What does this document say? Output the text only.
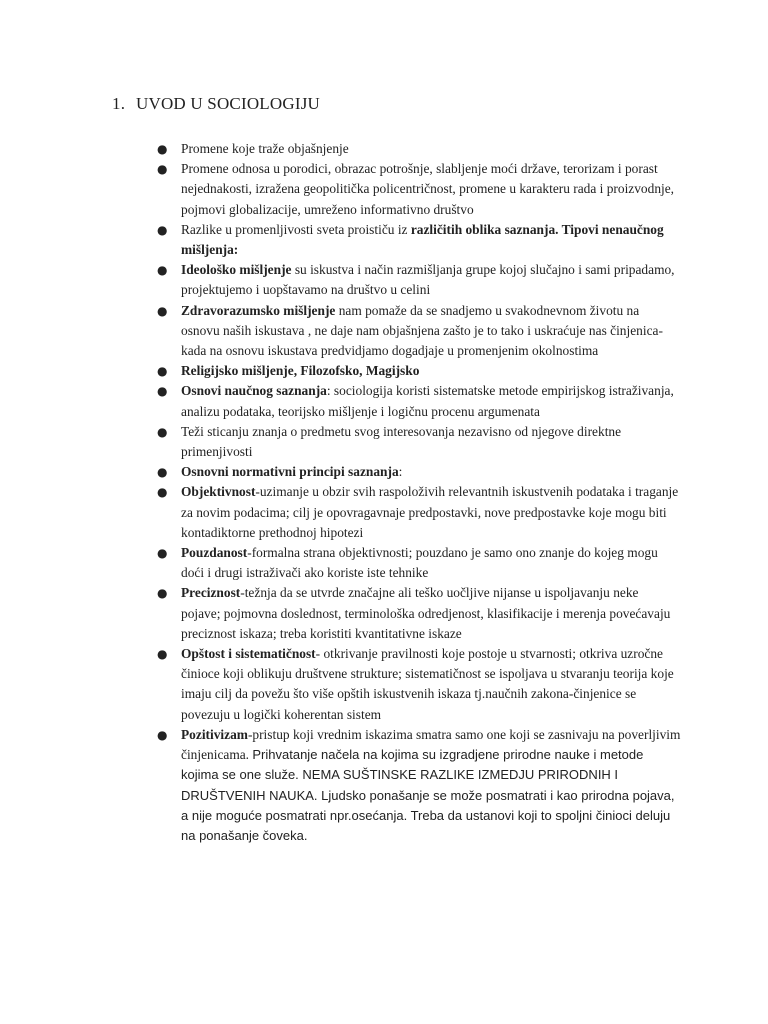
1. UVOD U SOCIOLOGIJU
● Promene koje traže objašnjenje
● Promene odnosa u porodici, obrazac potrošnje, slabljenje moći države, terorizam i porast nejednakosti, izražena geopolitička policentričnost, promene u karakteru rada i proizvodnje, pojmovi globalizacije, umreženo informativno društvo
● Razlike u promenljivosti sveta proističu iz različitih oblika saznanja. Tipovi nenaučnog mišljenja:
● Ideološko mišljenje su iskustva i način razmišljanja grupe kojoj slučajno i sami pripadamo, projektujemo i uopštavamo na društvo u celini
● Zdravorazumsko mišljenje nam pomaže da se snadjemo u svakodnevnom životu na osnovu naših iskustava , ne daje nam objašnjena zašto je to tako i uskraćuje nas činjenica-kada na osnovu iskustava predvidjamo dogadjaje u promenjenim okolnostima
● Religijsko mišljenje, Filozofsko, Magijsko
● Osnovi naučnog saznanja: sociologija koristi sistematske metode empirijskog istraživanja, analizu podataka, teorijsko mišljenje i logičnu procenu argumenata
● Teži sticanju znanja o predmetu svog interesovanja nezavisno od njegove direktne primenjivosti
● Osnovni normativni principi saznanja:
● Objektivnost-uzimanje u obzir svih raspoloživih relevantnih iskustvenih podataka i traganje za novim podacima; cilj je opovragavnaje predpostavki, nove predpostavke koje mogu biti kontadiktorne prethodnoj hipotezi
● Pouzdanost-formalna strana objektivnosti; pouzdano je samo ono znanje do kojeg mogu doći i drugi istraživači ako koriste iste tehnike
● Preciznost-težnja da se utvrde značajne ali teško uočljive nijanse u ispoljavanju neke pojave; pojmovna doslednost, terminološka odredjenost, klasifikacije i merenja povećavaju preciznost iskaza; treba koristiti kvantitativne iskaze
● Opštost i sistematičnost- otkrivanje pravilnosti koje postoje u stvarnosti; otkriva uzročne činioce koji oblikuju društvene strukture; sistematičnost se ispoljava u stvaranju teorija koje imaju cilj da povežu što više opštih iskustvenih iskaza tj.naučnih zakona-činjenice se povezuju u logički koherentan sistem
● Pozitivizam-pristup koji vrednim iskazima smatra samo one koji se zasnivaju na poverljivim činjenicama. Prihvatanje načela na kojima su izgradjene prirodne nauke i metode kojima se one služe. NEMA SUŠTINSKE RAZLIKE IZMEDJU PRIRODNIH I DRUŠTVENIH NAUKA. Ljudsko ponašanje se može posmatrati i kao prirodna pojava, a nije moguće posmatrati npr.osećanja. Treba da ustanovi koji to spoljni činioci deluju na ponašanje čoveka.
